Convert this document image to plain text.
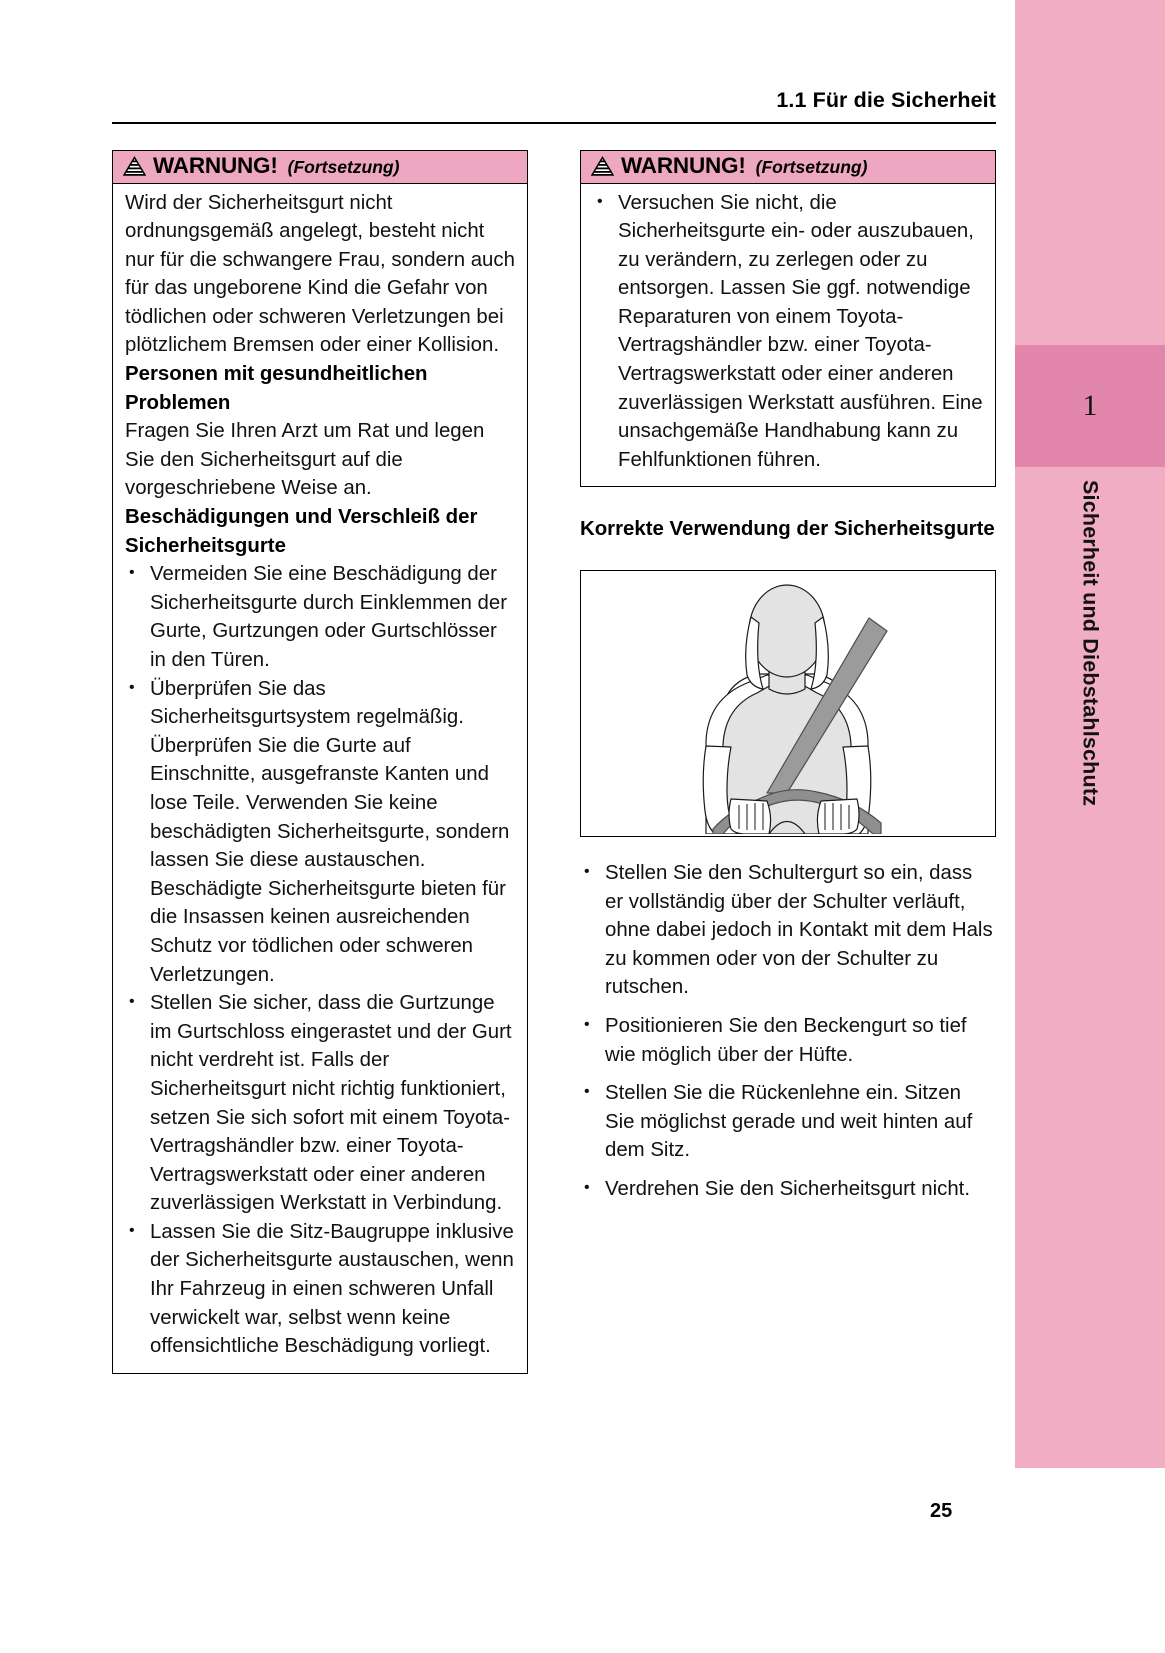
1
Sicherheit und Diebstahlschutz
1.1 Für die Sicherheit
WARNUNG! (Fortsetzung)

Wird der Sicherheitsgurt nicht ordnungsgemäß angelegt, besteht nicht nur für die schwangere Frau, sondern auch für das ungeborene Kind die Gefahr von tödlichen oder schweren Verletzungen bei plötzlichem Bremsen oder einer Kollision.

Personen mit gesundheitlichen Problemen

Fragen Sie Ihren Arzt um Rat und legen Sie den Sicherheitsgurt auf die vorgeschriebene Weise an.

Beschädigungen und Verschleiß der Sicherheitsgurte

• Vermeiden Sie eine Beschädigung der Sicherheitsgurte durch Einklemmen der Gurte, Gurtzungen oder Gurtschlösser in den Türen.
• Überprüfen Sie das Sicherheitsgurtsystem regelmäßig. Überprüfen Sie die Gurte auf Einschnitte, ausgefranste Kanten und lose Teile. Verwenden Sie keine beschädigten Sicherheitsgurte, sondern lassen Sie diese austauschen. Beschädigte Sicherheitsgurte bieten für die Insassen keinen ausreichenden Schutz vor tödlichen oder schweren Verletzungen.
• Stellen Sie sicher, dass die Gurtzunge im Gurtschloss eingerastet und der Gurt nicht verdreht ist. Falls der Sicherheitsgurt nicht richtig funktioniert, setzen Sie sich sofort mit einem Toyota-Vertragshändler bzw. einer Toyota-Vertragswerkstatt oder einer anderen zuverlässigen Werkstatt in Verbindung.
• Lassen Sie die Sitz-Baugruppe inklusive der Sicherheitsgurte austauschen, wenn Ihr Fahrzeug in einen schweren Unfall verwickelt war, selbst wenn keine offensichtliche Beschädigung vorliegt.
WARNUNG! (Fortsetzung)
• Versuchen Sie nicht, die Sicherheitsgurte ein- oder auszubauen, zu verändern, zu zerlegen oder zu entsorgen. Lassen Sie ggf. notwendige Reparaturen von einem Toyota-Vertragshändler bzw. einer Toyota-Vertragswerkstatt oder einer anderen zuverlässigen Werkstatt ausführen. Eine unsachgemäße Handhabung kann zu Fehlfunktionen führen.

Korrekte Verwendung der Sicherheitsgurte

• Stellen Sie den Schultergurt so ein, dass er vollständig über der Schulter verläuft, ohne dabei jedoch in Kontakt mit dem Hals zu kommen oder von der Schulter zu rutschen.
• Positionieren Sie den Beckengurt so tief wie möglich über der Hüfte.
• Stellen Sie die Rückenlehne ein. Sitzen Sie möglichst gerade und weit hinten auf dem Sitz.
• Verdrehen Sie den Sicherheitsgurt nicht.
25
